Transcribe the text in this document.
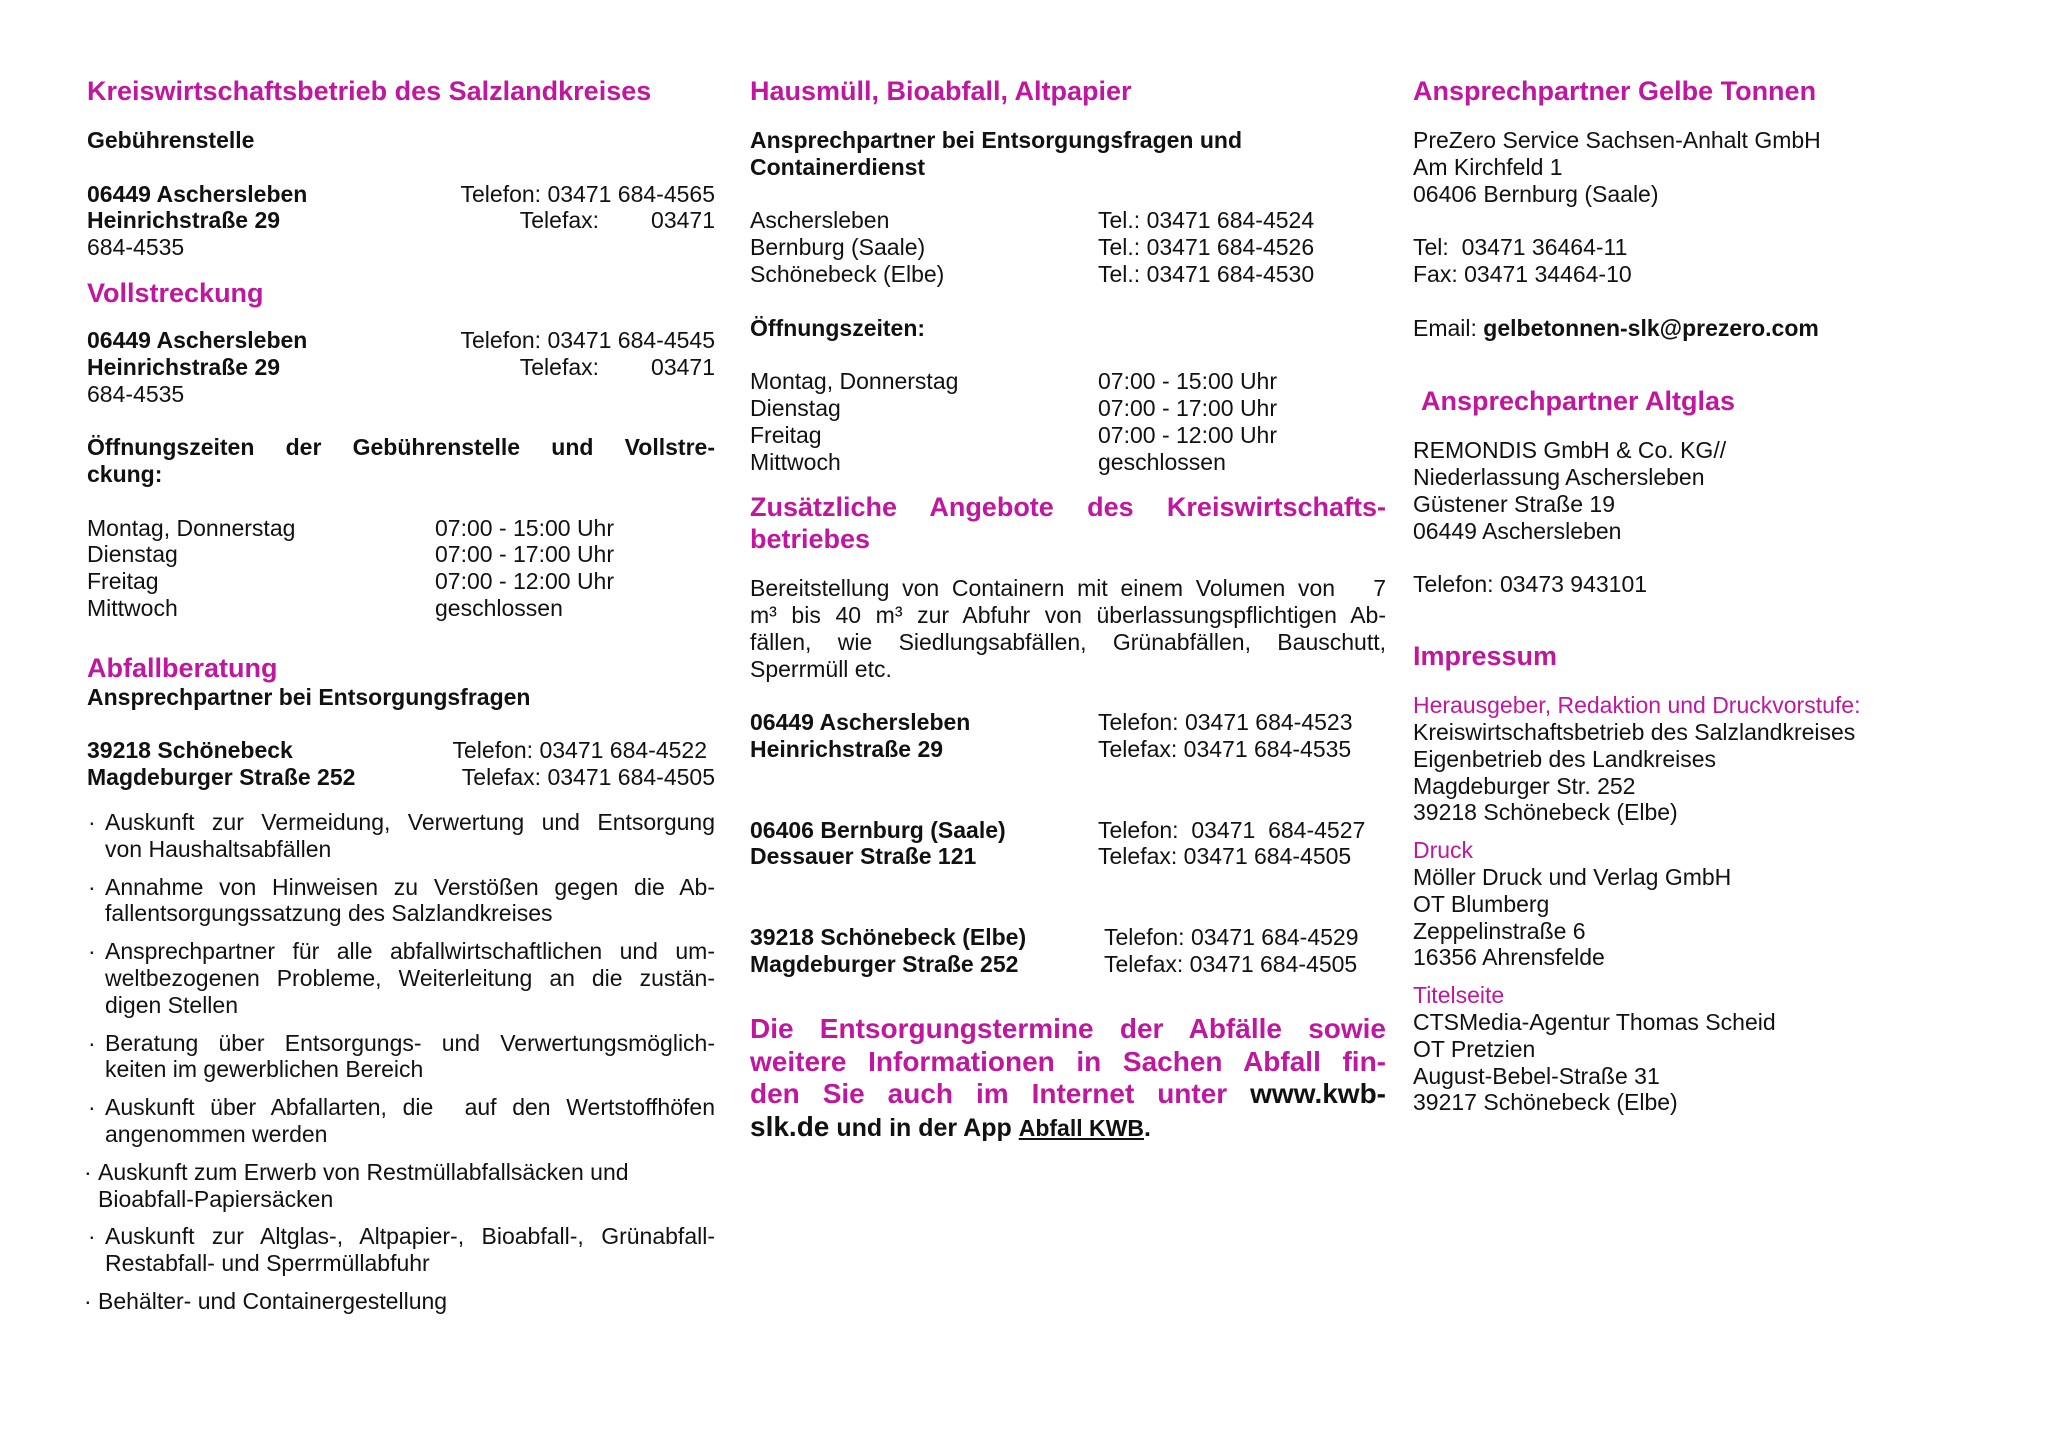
Kreiswirtschaftsbetrieb des Salzlandkreises

Gebührenstelle

06449 Aschersleben	Telefon: 03471 684-4565
Heinrichstraße 29	Telefax: 03471

684-4535

Vollstreckung
06449 Aschersleben	Telefon: 03471 684-4545
Heinrichstraße 29	Telefax: 03471

684-4535

Öffnungszeiten der Gebührenstelle und Vollstre-

ckung:

Montag, Donnerstag	07:00 - 15:00 Uhr
Dienstag	07:00 - 17:00 Uhr
Freitag	07:00 - 12:00 Uhr
Mittwoch	geschlossen
Abfallberatung

Ansprechpartner bei Entsorgungsfragen

39218 Schönebeck	Telefon: 03471 684-4522
Magdeburger Straße 252	Telefax: 03471 684-4505
· Auskunft zur Vermeidung, Verwertung und Entsorgung
von Haushaltsabfällen
· Annahme von Hinweisen zu Verstößen gegen die Ab-
fallentsorgungssatzung des Salzlandkreises
· Ansprechpartner für alle abfallwirtschaftlichen und um-
weltbezogenen Probleme, Weiterleitung an die zustän-
digen Stellen
· Beratung über Entsorgungs- und Verwertungsmöglich-
keiten im gewerblichen Bereich
· Auskunft über Abfallarten, die  auf den Wertstoffhöfen
angenommen werden
· Auskunft zum Erwerb von Restmüllabfallsäcken und
Bioabfall-Papiersäcken
· Auskunft zur Altglas-, Altpapier-, Bioabfall-, Grünabfall-
Restabfall- und Sperrmüllabfuhr
· Behälter- und Containergestellung
Hausmüll, Bioabfall, Altpapier

Ansprechpartner bei Entsorgungsfragen und

Containerdienst

Aschersleben	Tel.: 03471 684-4524
Bernburg (Saale)	Tel.: 03471 684-4526
Schönebeck (Elbe)	Tel.: 03471 684-4530

Öffnungszeiten:

Montag, Donnerstag	07:00 - 15:00 Uhr
Dienstag	07:00 - 17:00 Uhr
Freitag	07:00 - 12:00 Uhr
Mittwoch	geschlossen
Zusätzliche Angebote des Kreiswirtschafts-
betriebes

Bereitstellung von Containern mit einem Volumen von   7

m³ bis 40 m³ zur Abfuhr von überlassungspflichtigen Ab-

fällen, wie Siedlungsabfällen, Grünabfällen, Bauschutt,

Sperrmüll etc.

06449 Aschersleben	Telefon: 03471 684-4523
Heinrichstraße 29	Telefax: 03471 684-4535
06406 Bernburg (Saale)	Telefon:  03471  684-4527
Dessauer Straße 121	Telefax: 03471 684-4505
39218 Schönebeck (Elbe)	Telefon: 03471 684-4529
Magdeburger Straße 252	Telefax: 03471 684-4505

Die Entsorgungstermine der Abfälle sowie

weitere Informationen in Sachen Abfall fin-

den Sie auch im Internet unter www.kwb-

slk.de und in der App Abfall KWB.

Ansprechpartner Gelbe Tonnen

PreZero Service Sachsen-Anhalt GmbH

Am Kirchfeld 1

06406 Bernburg (Saale)

Tel:  03471 36464-11

Fax: 03471 34464-10

Email: gelbetonnen-slk@prezero.com

Ansprechpartner Altglas

REMONDIS GmbH & Co. KG//

Niederlassung Aschersleben

Güstener Straße 19

06449 Aschersleben

Telefon: 03473 943101

Impressum

Herausgeber, Redaktion und Druckvorstufe:

Kreiswirtschaftsbetrieb des Salzlandkreises

Eigenbetrieb des Landkreises

Magdeburger Str. 252

39218 Schönebeck (Elbe)

Druck

Möller Druck und Verlag GmbH

OT Blumberg

Zeppelinstraße 6

16356 Ahrensfelde

Titelseite

CTSMedia-Agentur Thomas Scheid

OT Pretzien

August-Bebel-Straße 31

39217 Schönebeck (Elbe)
